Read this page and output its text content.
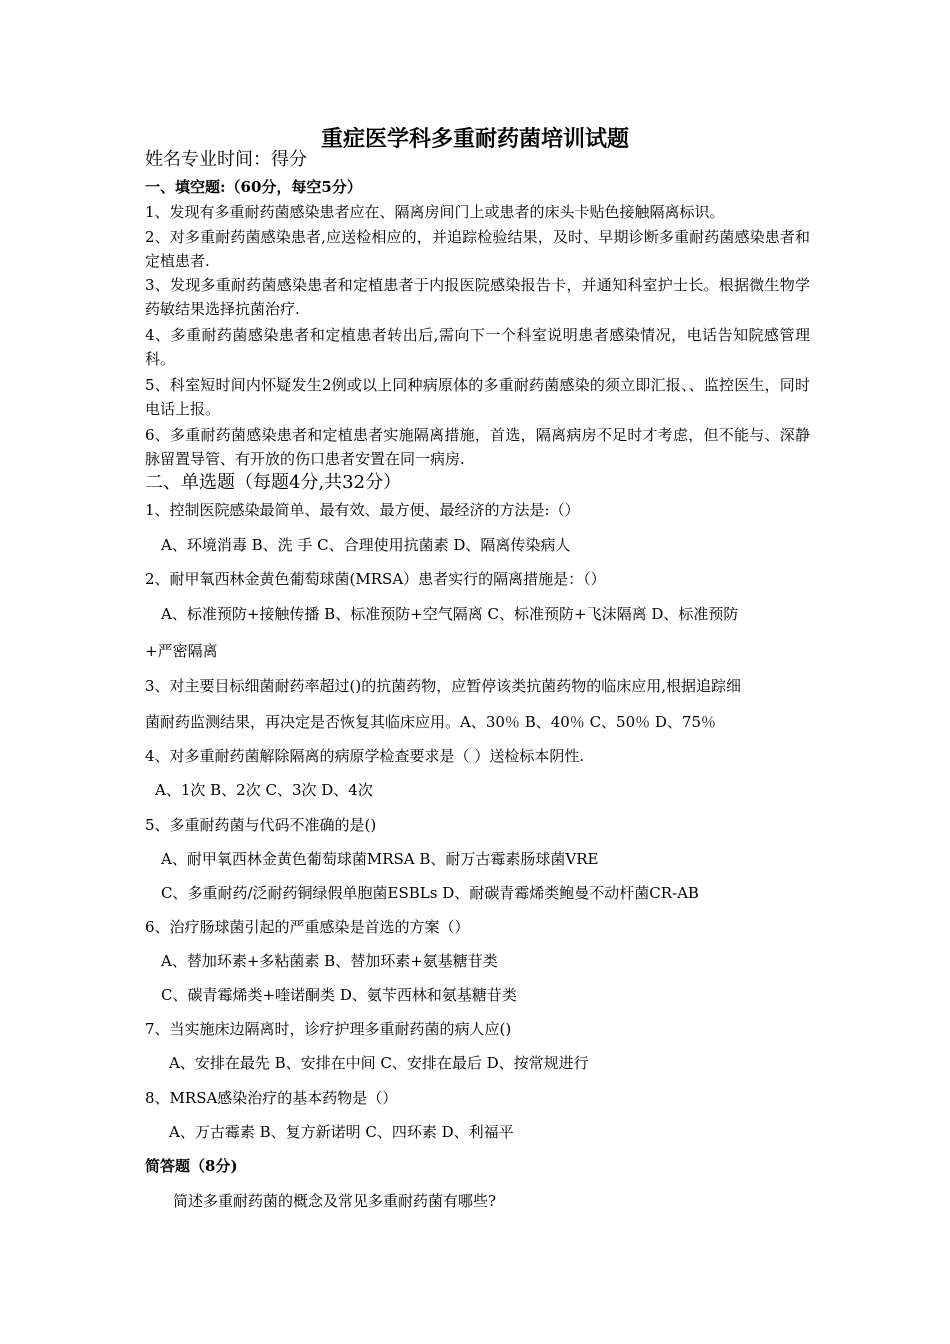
重症医学科多重耐药菌培训试题
姓名专业时间：得分
一、填空题:（60分，每空5分）
1、发现有多重耐药菌感染患者应在、隔离房间门上或患者的床头卡贴色接触隔离标识。
2、对多重耐药菌感染患者,应送检相应的，并追踪检验结果，及时、早期诊断多重耐药菌感染患者和定植患者.
3、发现多重耐药菌感染患者和定植患者于内报医院感染报告卡，并通知科室护士长。根据微生物学药敏结果选择抗菌治疗.
4、多重耐药菌感染患者和定植患者转出后,需向下一个科室说明患者感染情况，电话告知院感管理科。
5、科室短时间内怀疑发生2例或以上同种病原体的多重耐药菌感染的须立即汇报、、监控医生，同时电话上报。
6、多重耐药菌感染患者和定植患者实施隔离措施，首选，隔离病房不足时才考虑，但不能与、深静脉留置导管、有开放的伤口患者安置在同一病房.
二、单选题（每题4分,共32分）
1、控制医院感染最简单、最有效、最方便、最经济的方法是:（）
A、环境消毒 B、洗 手 C、合理使用抗菌素 D、隔离传染病人
2、耐甲氧西林金黄色葡萄球菌(MRSA）患者实行的隔离措施是：（）
A、标准预防+接触传播 B、标准预防+空气隔离 C、标准预防+飞沫隔离 D、标准预防
+严密隔离
3、对主要目标细菌耐药率超过()的抗菌药物，应暂停该类抗菌药物的临床应用,根据追踪细
菌耐药监测结果，再决定是否恢复其临床应用。A、30％ B、40％ C、50％ D、75％
4、对多重耐药菌解除隔离的病原学检查要求是（ ）送检标本阴性.
A、1次 B、2次 C、3次 D、4次
5、多重耐药菌与代码不准确的是()
A、耐甲氧西林金黄色葡萄球菌MRSA B、耐万古霉素肠球菌VRE
C、多重耐药/泛耐药铜绿假单胞菌ESBLs D、耐碳青霉烯类鲍曼不动杆菌CR-AB
6、治疗肠球菌引起的严重感染是首选的方案（）
A、替加环素+多粘菌素 B、替加环素+氨基糖苷类
C、碳青霉烯类+喹诺酮类 D、氨苄西林和氨基糖苷类
7、当实施床边隔离时，诊疗护理多重耐药菌的病人应()
A、安排在最先 B、安排在中间 C、安排在最后 D、按常规进行
8、MRSA感染治疗的基本药物是（）
A、万古霉素 B、复方新诺明 C、四环素 D、利福平
简答题（8分)
简述多重耐药菌的概念及常见多重耐药菌有哪些?
